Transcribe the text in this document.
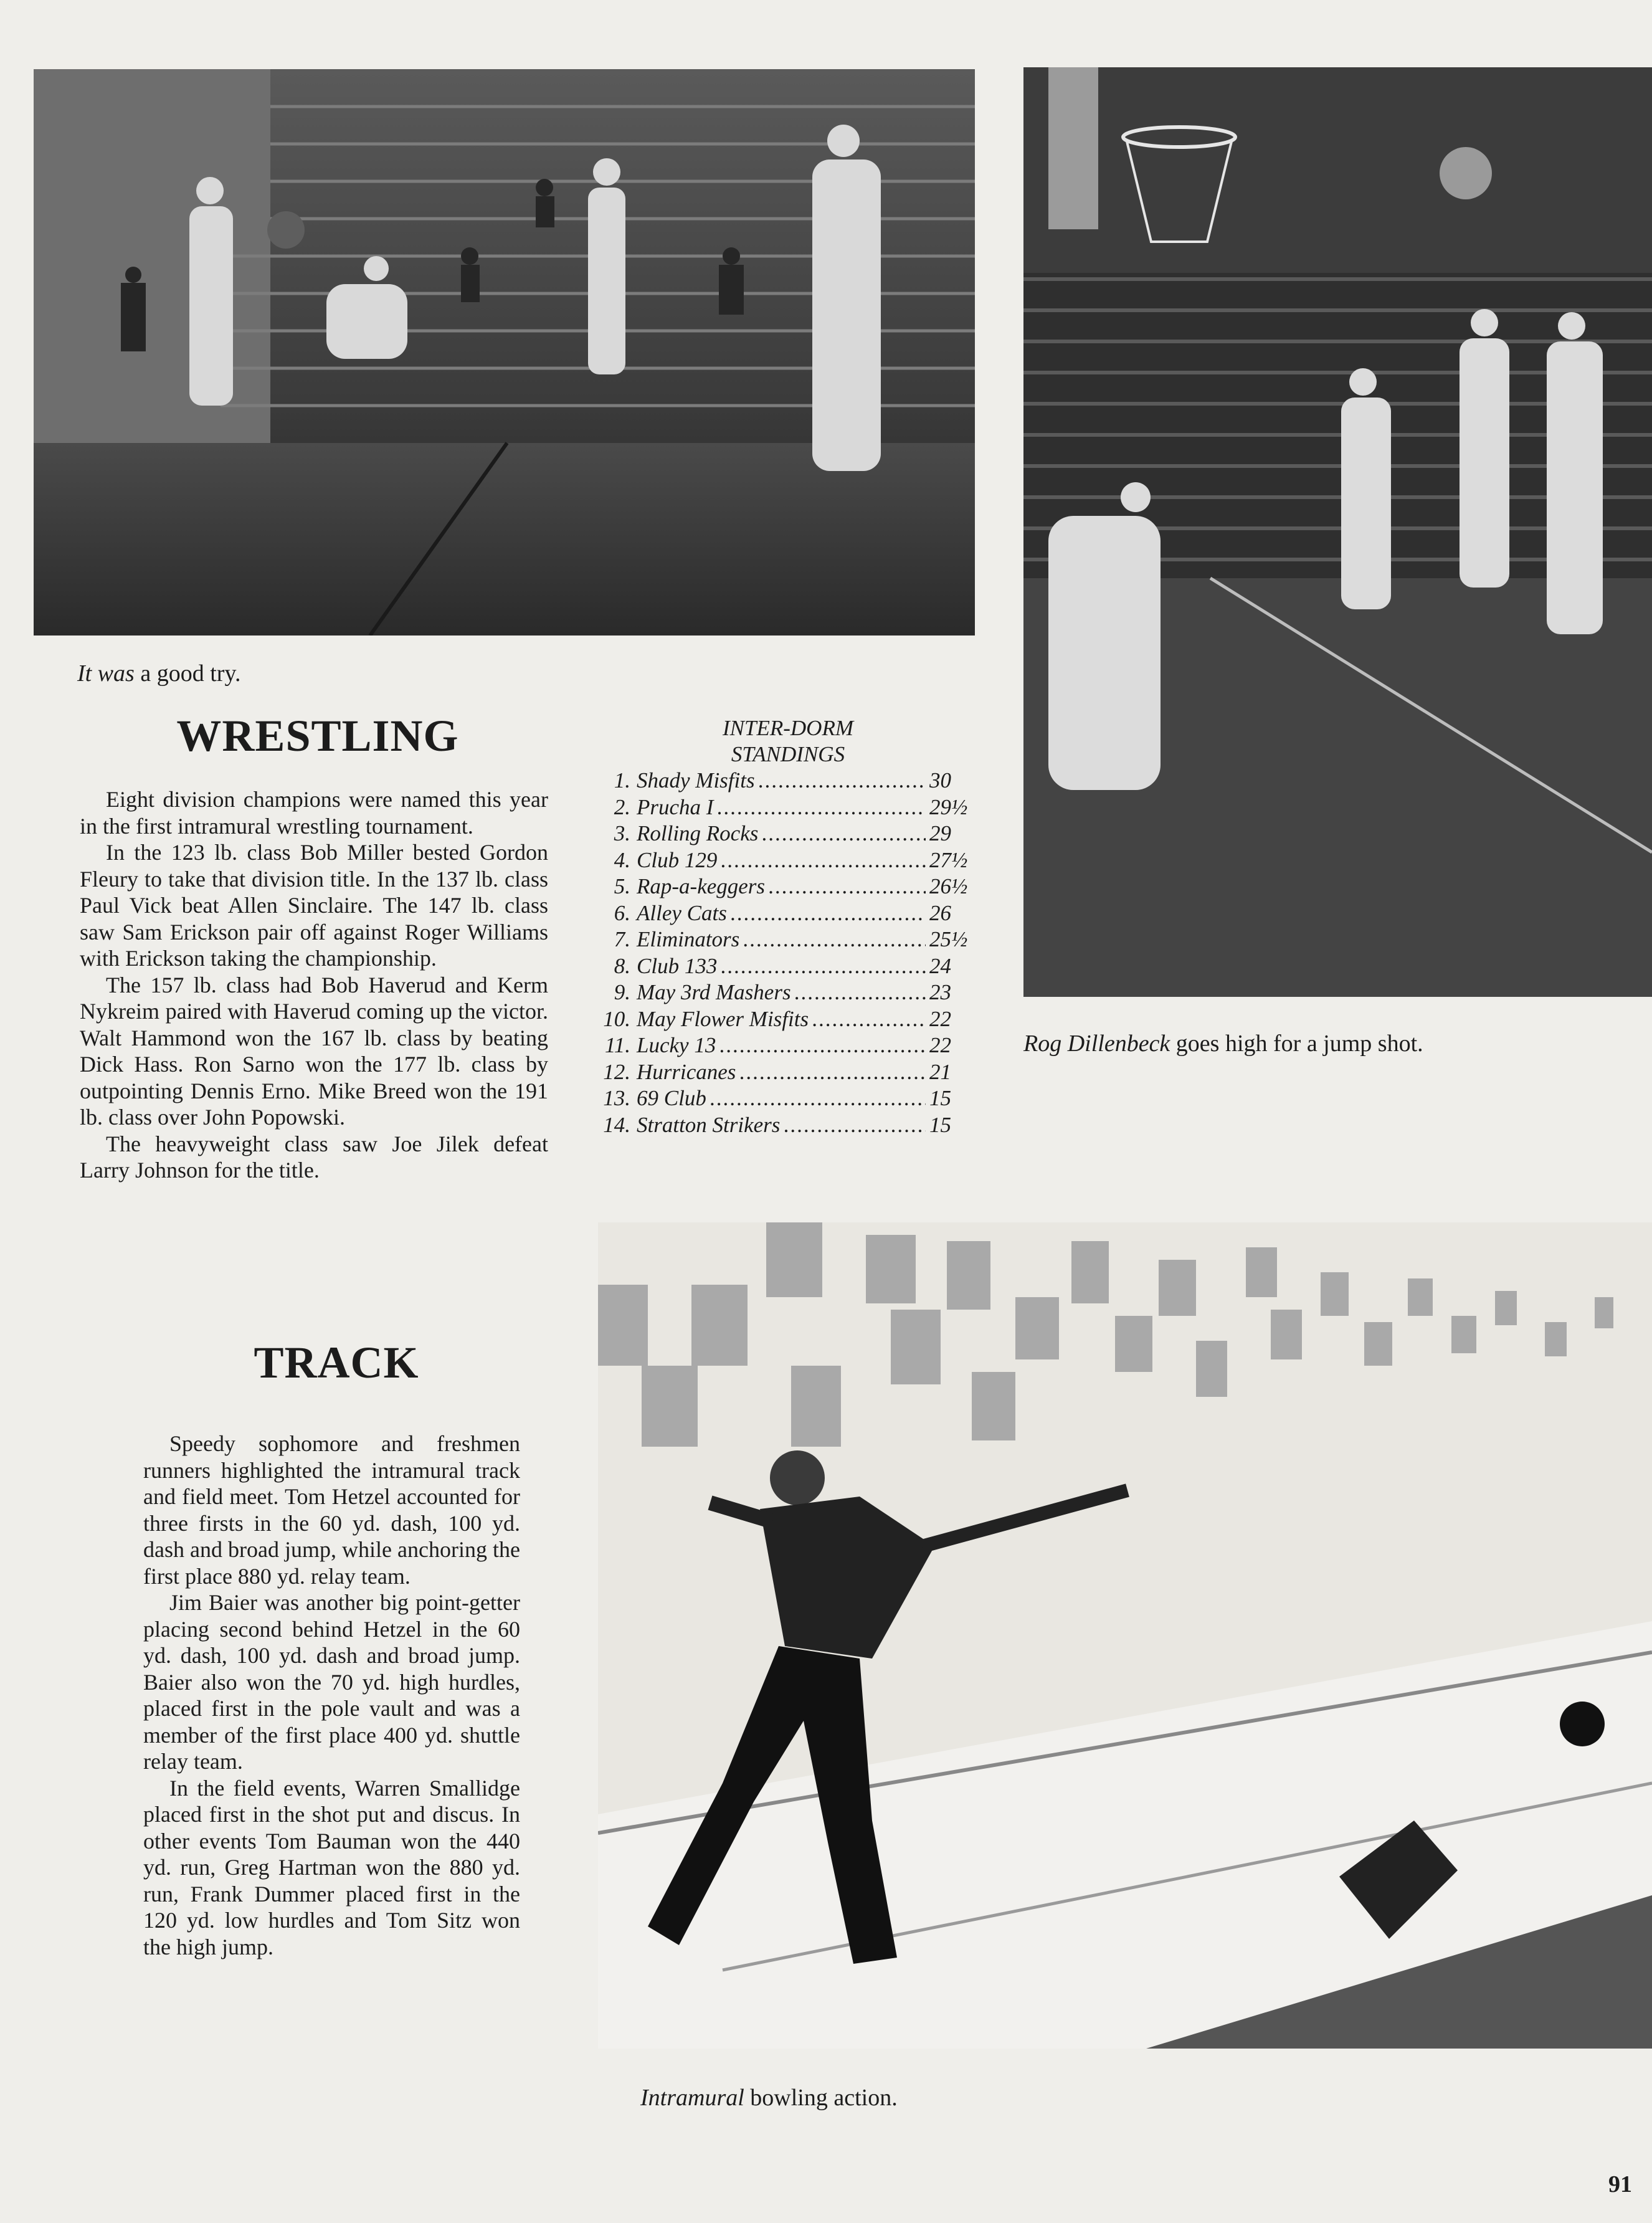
It was a good try.
Rog Dillenbeck goes high for a jump shot.
Intramural bowling action.
WRESTLING

Eight division champions were named this year in the first intramural wrestling tournament.

In the 123 lb. class Bob Miller bested Gordon Fleury to take that division title. In the 137 lb. class Paul Vick beat Allen Sinclaire. The 147 lb. class saw Sam Erickson pair off against Roger Williams with Erickson taking the championship.

The 157 lb. class had Bob Haverud and Kerm Nykreim paired with Haverud coming up the victor. Walt Hammond won the 167 lb. class by beating Dick Hass. Ron Sarno won the 177 lb. class by outpointing Dennis Erno. Mike Breed won the 191 lb. class over John Popowski.

The heavyweight class saw Joe Jilek defeat Larry Johnson for the title.

TRACK

Speedy sophomore and freshmen runners highlighted the intramural track and field meet. Tom Hetzel accounted for three firsts in the 60 yd. dash, 100 yd. dash and broad jump, while anchoring the first place 880 yd. relay team.

Jim Baier was another big point-getter placing second behind Hetzel in the 60 yd. dash, 100 yd. dash and broad jump. Baier also won the 70 yd. high hurdles, placed first in the pole vault and was a member of the first place 400 yd. shuttle relay team.

In the field events, Warren Smallidge placed first in the shot put and discus. In other events Tom Bauman won the 440 yd. run, Greg Hartman won the 880 yd. run, Frank Dummer placed first in the 120 yd. low hurdles and Tom Sitz won the high jump.

INTER-DORM
STANDINGS
1. Shady Misfits .....	30
2. Prucha I .....	29½
3. Rolling Rocks .....	29
4. Club 129 .....	27½
5. Rap-a-keggers .....	26½
6. Alley Cats .....	26
7. Eliminators .....	25½
8. Club 133 .....	24
9. May 3rd Mashers .....	23
10. May Flower Misfits .....	22
11. Lucky 13 .....	22
12. Hurricanes .....	21
13. 69 Club .....	15
14. Stratton Strikers .....	15
91
